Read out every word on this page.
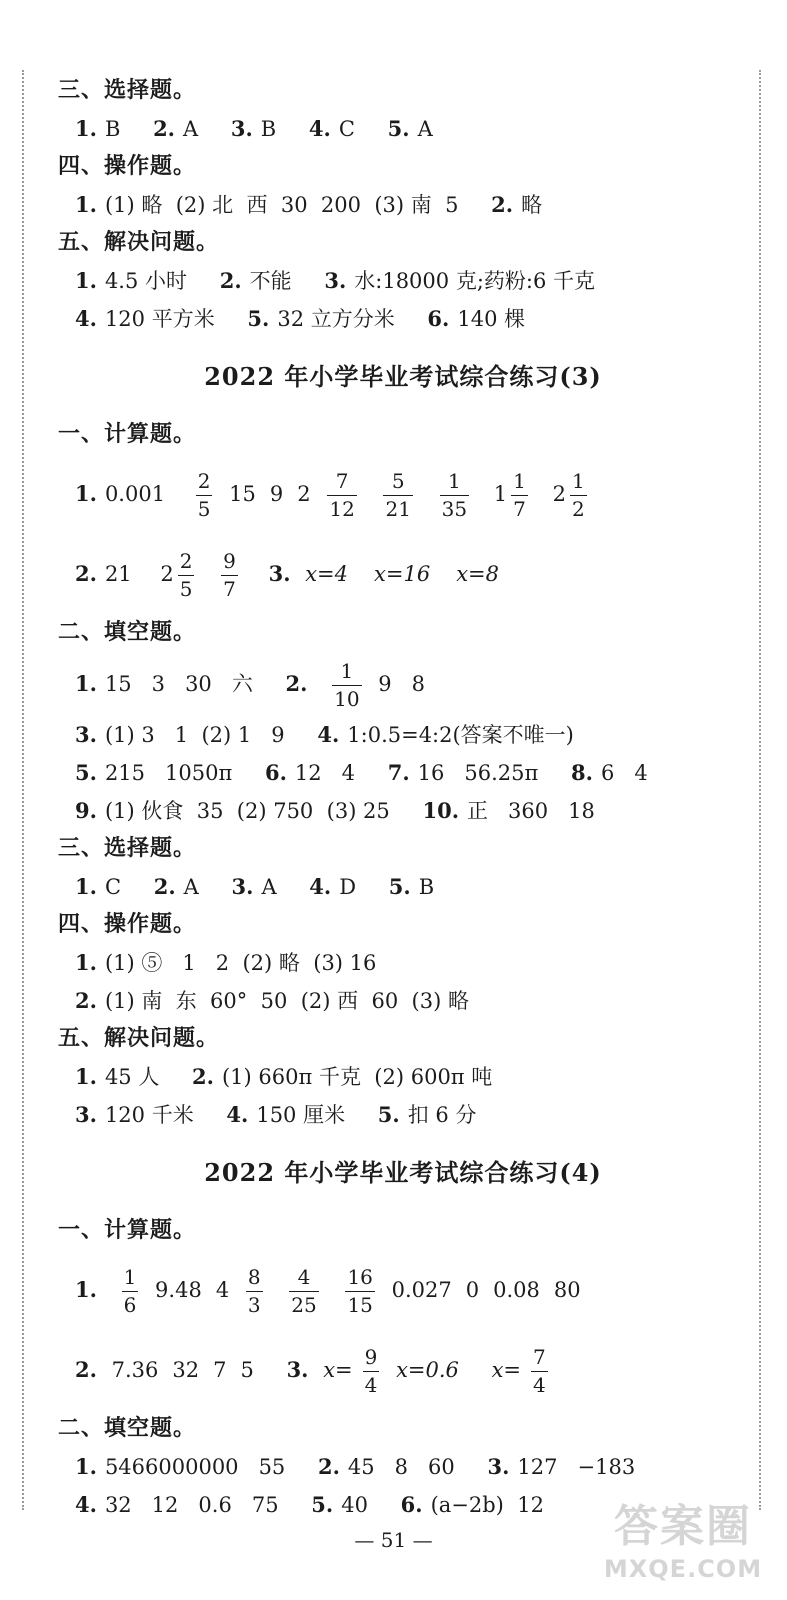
三、选择题。
1. B 2. A 3. B 4. C 5. A
四、操作题。
1. (1) 略  (2) 北  西  30  200  (3) 南  5 2. 略
五、解决问题。
1. 4.5 小时 2. 不能 3. 水:18000 克;药粉:6 千克
4. 120 平方米 5. 32 立方分米 6. 140 棵
2022 年小学毕业考试综合练习(3)
一、计算题。
1. $0.001 \frac{2}{5} 15$ 9 $2 \frac{7}{12}$
$\frac{5}{21}$
$\frac{1}{35} 1 \frac{1}{7} 2 \frac{1}{2}$
2. 21 $2 \frac{2}{5}$
$\frac{9}{7} 3$. x=4 x=16 x=8
二、填空题。
1. 15   3   30   六 2. $\frac{1}{10} 9$   8
3. (1) 3   1  (2) 1   9 4. 1:0.5=4:2(答案不唯一)
5. 215   1050π 6. 12   4 7. 16   56.25π 8. 6   4
9. (1) 伙食  35  (2) 750  (3) 25 10. 正   360   18
三、选择题。
1. C 2. A 3. A 4. D 5. B
四、操作题。
1. (1) ⑤   1   2  (2) 略  (3) 16
2. (1) 南  东  60°  50  (2) 西  60  (3) 略
五、解决问题。
1. 45 人 2. (1) 660π 千克  (2) 600π 吨
3. 120 千米 4. 150 厘米 5. 扣 6 分
2022 年小学毕业考试综合练习(4)
一、计算题。
1. $\frac{1}{6} 9.48$ $4 \frac{8}{3}$
$\frac{4}{25}$
$\frac{16}{15} 0.027$ 0 0.08 80
2. 7.36 32 7 5 3. $x= \frac{9}{4} x=0.6$ $x= \frac{7}{4}$
二、填空题。
1. 5466000000   55 2. 45   8   60 3. 127   −183
4. 32   12   0.6   75 5. 40 6. (a−2b)  12
— 51 —	答案圈
MXQE.COM
